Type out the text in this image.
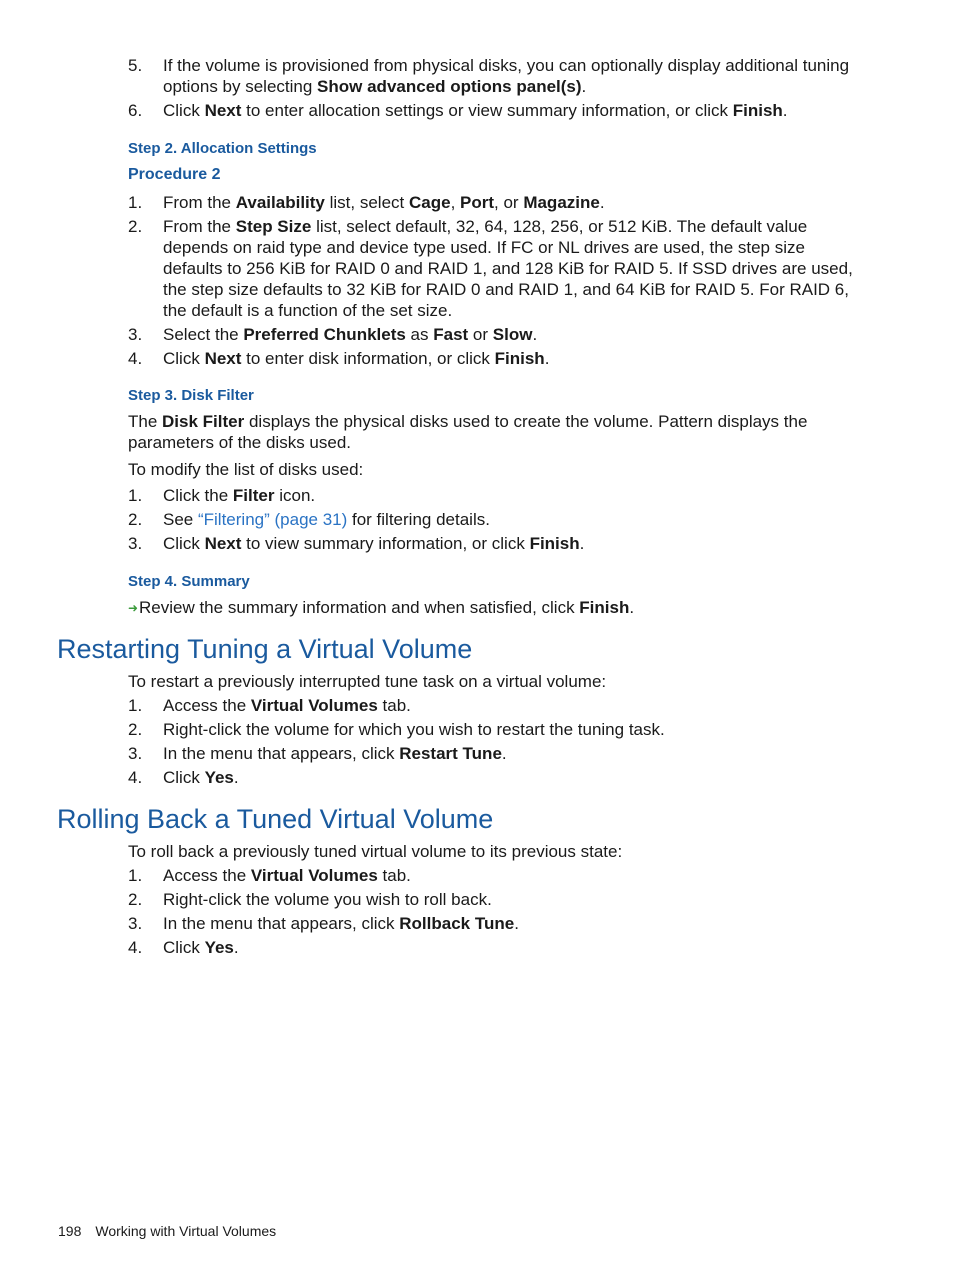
5. If the volume is provisioned from physical disks, you can optionally display additional tuning options by selecting Show advanced options panel(s).
6. Click Next to enter allocation settings or view summary information, or click Finish.
Step 2. Allocation Settings
Procedure 2
1. From the Availability list, select Cage, Port, or Magazine.
2. From the Step Size list, select default, 32, 64, 128, 256, or 512 KiB. The default value depends on raid type and device type used. If FC or NL drives are used, the step size defaults to 256 KiB for RAID 0 and RAID 1, and 128 KiB for RAID 5. If SSD drives are used, the step size defaults to 32 KiB for RAID 0 and RAID 1, and 64 KiB for RAID 5. For RAID 6, the default is a function of the set size.
3. Select the Preferred Chunklets as Fast or Slow.
4. Click Next to enter disk information, or click Finish.
Step 3. Disk Filter

The Disk Filter displays the physical disks used to create the volume. Pattern displays the parameters of the disks used.

To modify the list of disks used:

1. Click the Filter icon.
2. See “Filtering” (page 31) for filtering details.
3. Click Next to view summary information, or click Finish.
Step 4. Summary

➜Review the summary information and when satisfied, click Finish.

Restarting Tuning a Virtual Volume

To restart a previously interrupted tune task on a virtual volume:

1. Access the Virtual Volumes tab.
2. Right-click the volume for which you wish to restart the tuning task.
3. In the menu that appears, click Restart Tune.
4. Click Yes.
Rolling Back a Tuned Virtual Volume

To roll back a previously tuned virtual volume to its previous state:

1. Access the Virtual Volumes tab.
2. Right-click the volume you wish to roll back.
3. In the menu that appears, click Rollback Tune.
4. Click Yes.
198 Working with Virtual Volumes
